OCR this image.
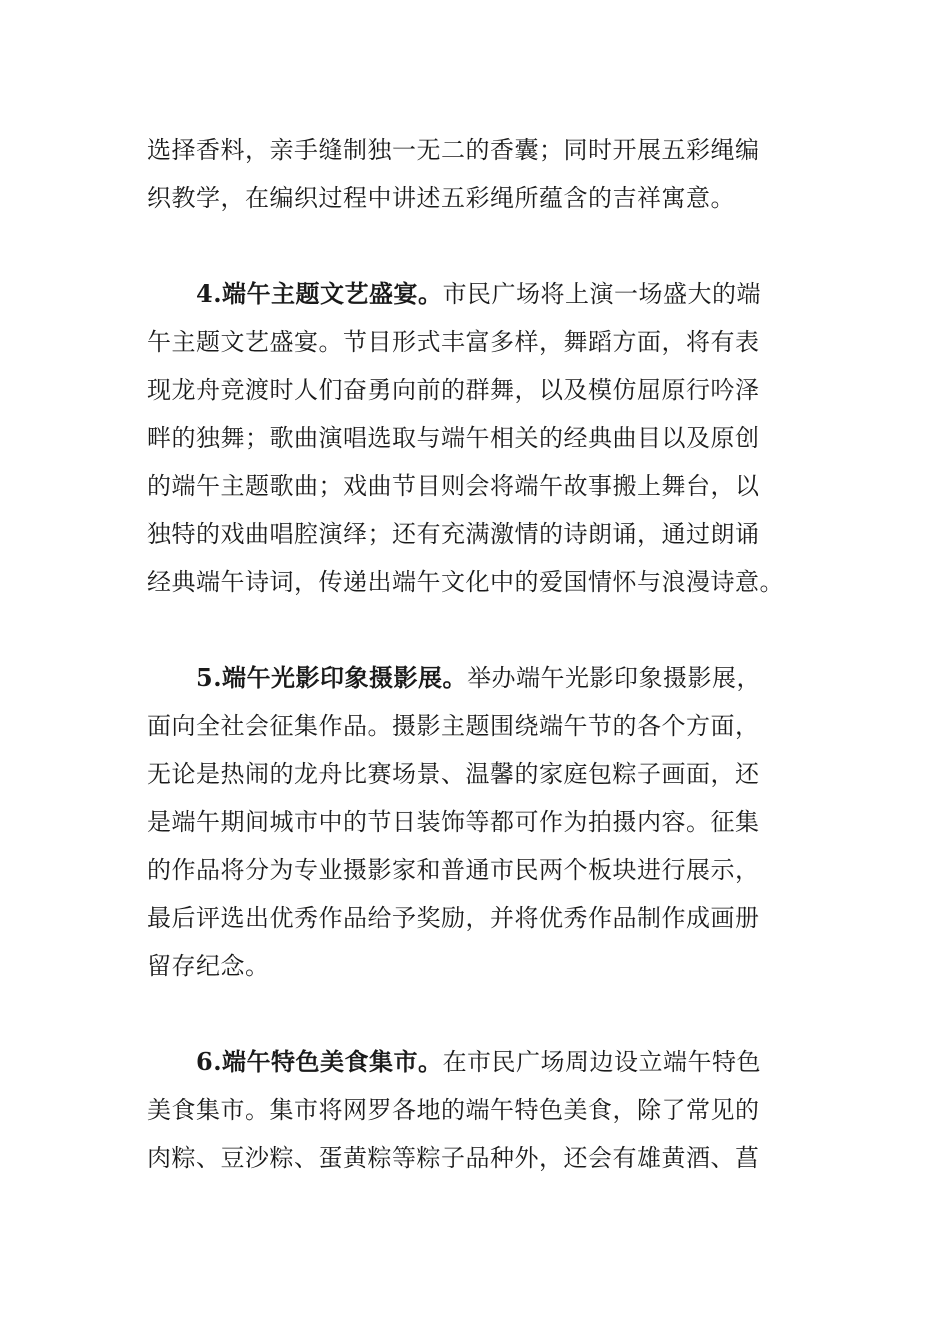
选择香料，亲手缝制独一无二的香囊；同时开展五彩绳编
织教学，在编织过程中讲述五彩绳所蕴含的吉祥寓意。

4.端午主题文艺盛宴。市民广场将上演一场盛大的端
午主题文艺盛宴。节目形式丰富多样，舞蹈方面，将有表
现龙舟竞渡时人们奋勇向前的群舞，以及模仿屈原行吟泽
畔的独舞；歌曲演唱选取与端午相关的经典曲目以及原创
的端午主题歌曲；戏曲节目则会将端午故事搬上舞台，以
独特的戏曲唱腔演绎；还有充满激情的诗朗诵，通过朗诵
经典端午诗词，传递出端午文化中的爱国情怀与浪漫诗意。

5.端午光影印象摄影展。举办端午光影印象摄影展，
面向全社会征集作品。摄影主题围绕端午节的各个方面，
无论是热闹的龙舟比赛场景、温馨的家庭包粽子画面，还
是端午期间城市中的节日装饰等都可作为拍摄内容。征集
的作品将分为专业摄影家和普通市民两个板块进行展示，
最后评选出优秀作品给予奖励，并将优秀作品制作成画册
留存纪念。

6.端午特色美食集市。在市民广场周边设立端午特色
美食集市。集市将网罗各地的端午特色美食，除了常见的
肉粽、豆沙粽、蛋黄粽等粽子品种外，还会有雄黄酒、菖
